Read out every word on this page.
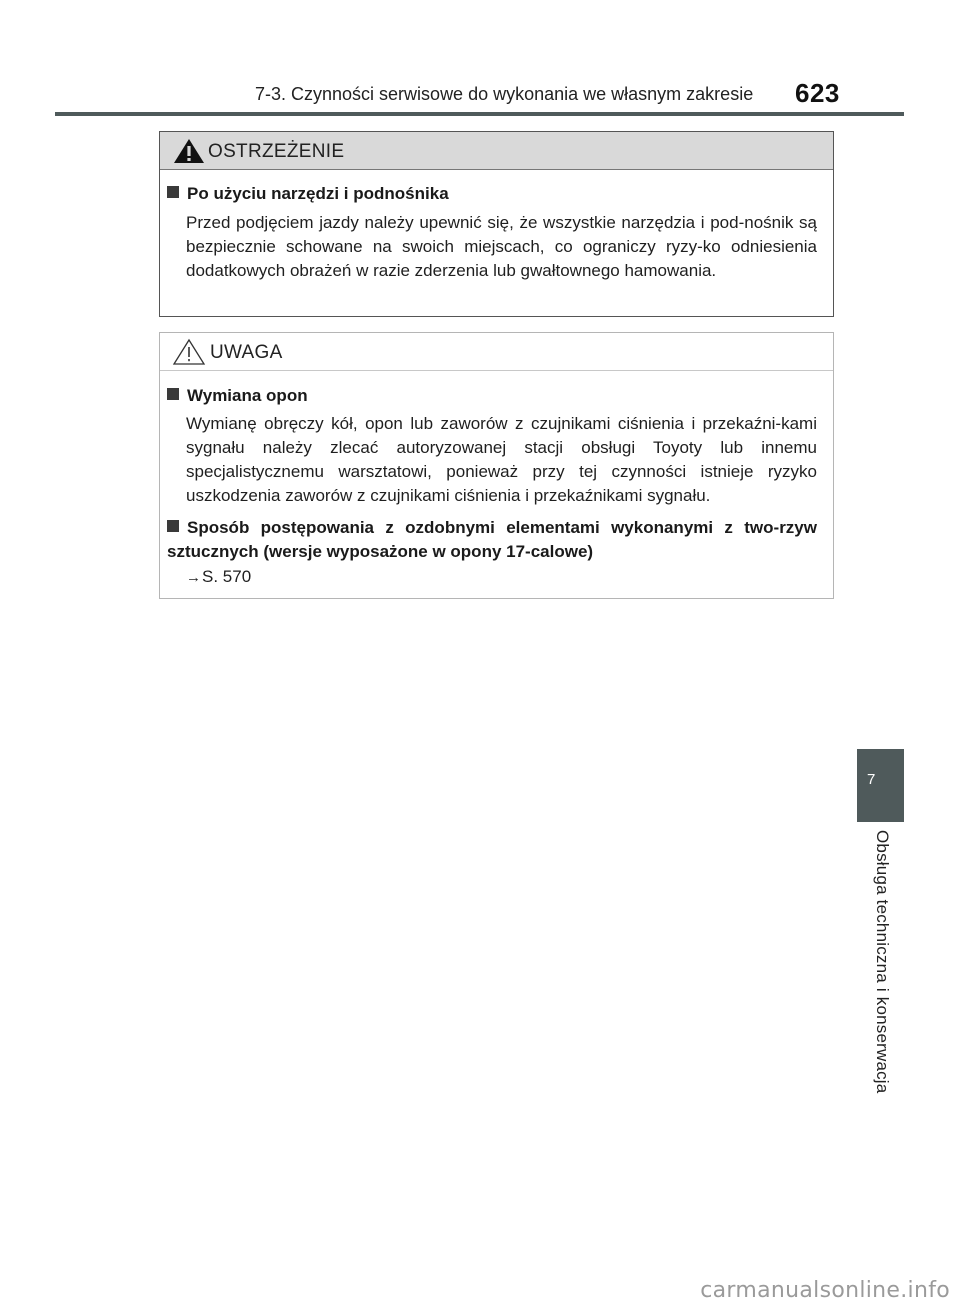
7-3. Czynności serwisowe do wykonania we własnym zakresie	623
OSTRZEŻENIE
Po użyciu narzędzi i podnośnika
Przed podjęciem jazdy należy upewnić się, że wszystkie narzędzia i pod-nośnik są bezpiecznie schowane na swoich miejscach, co ograniczy ryzy-ko odniesienia dodatkowych obrażeń w razie zderzenia lub gwałtownego hamowania.
UWAGA
Wymiana opon
Wymianę obręczy kół, opon lub zaworów z czujnikami ciśnienia i przekaźni-kami sygnału należy zlecać autoryzowanej stacji obsługi Toyoty lub innemu specjalistycznemu warsztatowi, ponieważ przy tej czynności istnieje ryzyko uszkodzenia zaworów z czujnikami ciśnienia i przekaźnikami sygnału.
Sposób postępowania z ozdobnymi elementami wykonanymi z two-rzyw sztucznych (wersje wyposażone w opony 17-calowe)
→S. 570
7
Obsługa techniczna i konserwacja
carmanualsonline.info
